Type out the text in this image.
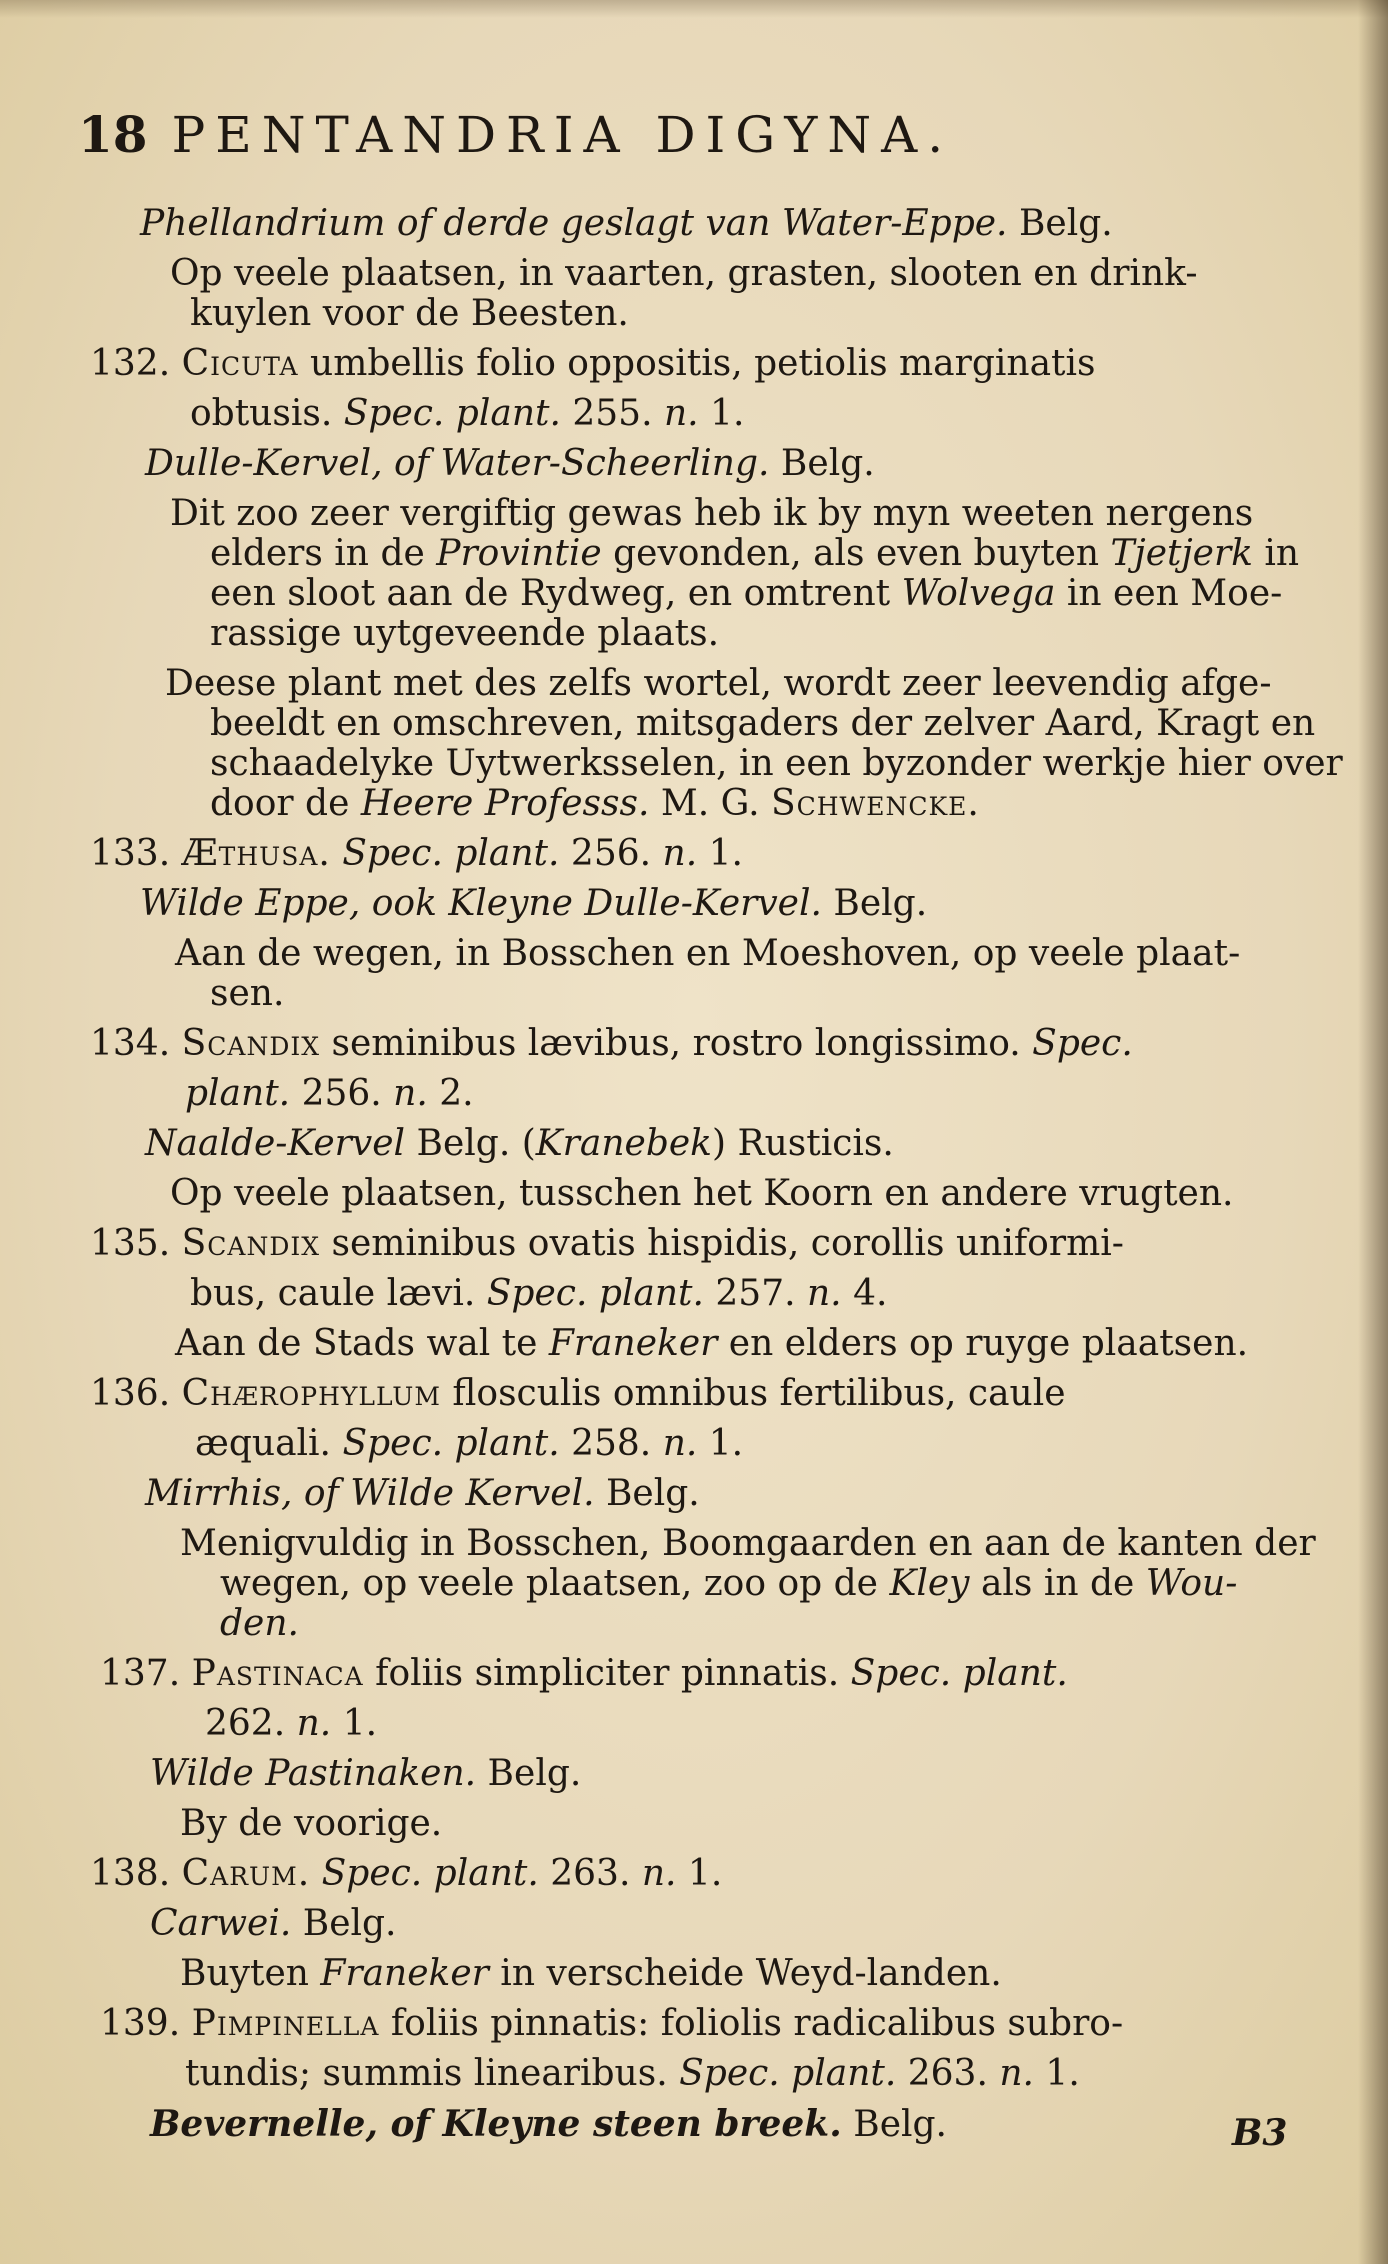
18 PENTANDRIA DIGYNA.
Phellandrium of derde geslagt van Water-Eppe. Belg.
Op veele plaatsen, in vaarten, grasten, slooten en drink-
kuylen voor de Beesten.
132. Cicuta umbellis folio oppositis, petiolis marginatis
obtusis. Spec. plant. 255. n. 1.
Dulle-Kervel, of Water-Scheerling. Belg.
Dit zoo zeer vergiftig gewas heb ik by myn weeten nergens
elders in de Provintie gevonden, als even buyten Tjetjerk in
een sloot aan de Rydweg, en omtrent Wolvega in een Moe-
rassige uytgeveende plaats.
Deese plant met des zelfs wortel, wordt zeer leevendig afge-
beeldt en omschreven, mitsgaders der zelver Aard, Kragt en
schaadelyke Uytwerksselen, in een byzonder werkje hier over
door de Heere Professs. M. G. Schwencke.
133. Æthusa. Spec. plant. 256. n. 1.
Wilde Eppe, ook Kleyne Dulle-Kervel. Belg.
Aan de wegen, in Bosschen en Moeshoven, op veele plaat-
sen.
134. Scandix seminibus lævibus, rostro longissimo. Spec.
plant. 256. n. 2.
Naalde-Kervel Belg. (Kranebek) Rusticis.
Op veele plaatsen, tusschen het Koorn en andere vrugten.
135. Scandix seminibus ovatis hispidis, corollis uniformi-
bus, caule lævi. Spec. plant. 257. n. 4.
Aan de Stads wal te Franeker en elders op ruyge plaatsen.
136. Chærophyllum flosculis omnibus fertilibus, caule
æquali. Spec. plant. 258. n. 1.
Mirrhis, of Wilde Kervel. Belg.
Menigvuldig in Bosschen, Boomgaarden en aan de kanten der
wegen, op veele plaatsen, zoo op de Kley als in de Wou-
den.
137. Pastinaca foliis simpliciter pinnatis. Spec. plant.
262. n. 1.
Wilde Pastinaken. Belg.
By de voorige.
138. Carum. Spec. plant. 263. n. 1.
Carwei. Belg.
Buyten Franeker in verscheide Weyd-landen.
139. Pimpinella foliis pinnatis: foliolis radicalibus subro-
tundis; summis linearibus. Spec. plant. 263. n. 1.
Bevernelle, of Kleyne steen breek. Belg.	B3
